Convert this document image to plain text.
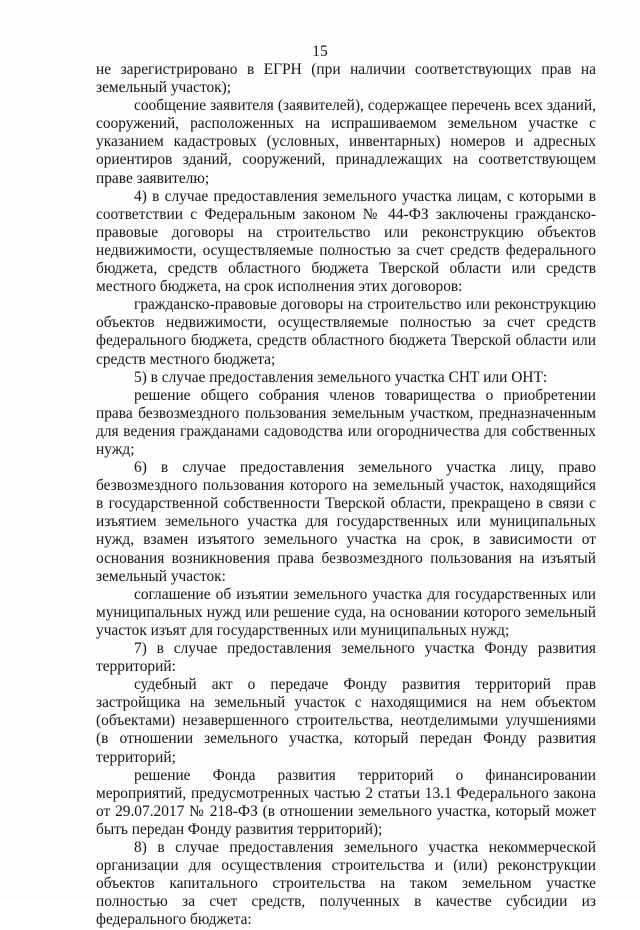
15

не зарегистрировано в ЕГРН (при наличии соответствующих прав на земельный участок);

сообщение заявителя (заявителей), содержащее перечень всех зданий, сооружений, расположенных на испрашиваемом земельном участке с указанием кадастровых (условных, инвентарных) номеров и адресных ориентиров зданий, сооружений, принадлежащих на соответствующем праве заявителю;

4) в случае предоставления земельного участка лицам, с которыми в соответствии с Федеральным законом № 44-ФЗ заключены гражданско-правовые договоры на строительство или реконструкцию объектов недвижимости, осуществляемые полностью за счет средств федерального бюджета, средств областного бюджета Тверской области или средств местного бюджета, на срок исполнения этих договоров:

гражданско-правовые договоры на строительство или реконструкцию объектов недвижимости, осуществляемые полностью за счет средств федерального бюджета, средств областного бюджета Тверской области или средств местного бюджета;

5) в случае предоставления земельного участка СНТ или ОНТ:

решение общего собрания членов товарищества о приобретении права безвозмездного пользования земельным участком, предназначенным для ведения гражданами садоводства или огородничества для собственных нужд;

6) в случае предоставления земельного участка лицу, право безвозмездного пользования которого на земельный участок, находящийся в государственной собственности Тверской области, прекращено в связи с изъятием земельного участка для государственных или муниципальных нужд, взамен изъятого земельного участка на срок, в зависимости от основания возникновения права безвозмездного пользования на изъятый земельный участок:

соглашение об изъятии земельного участка для государственных или муниципальных нужд или решение суда, на основании которого земельный участок изъят для государственных или муниципальных нужд;

7) в случае предоставления земельного участка Фонду развития территорий:

судебный акт о передаче Фонду развития территорий прав застройщика на земельный участок с находящимися на нем объектом (объектами) незавершенного строительства, неотделимыми улучшениями (в отношении земельного участка, который передан Фонду развития территорий;

решение Фонда развития территорий о финансировании мероприятий, предусмотренных частью 2 статьи 13.1 Федерального закона от 29.07.2017 № 218-ФЗ (в отношении земельного участка, который может быть передан Фонду развития территорий);

8) в случае предоставления земельного участка некоммерческой организации для осуществления строительства и (или) реконструкции объектов капитального строительства на таком земельном участке полностью за счет средств, полученных в качестве субсидии из федерального бюджета:
